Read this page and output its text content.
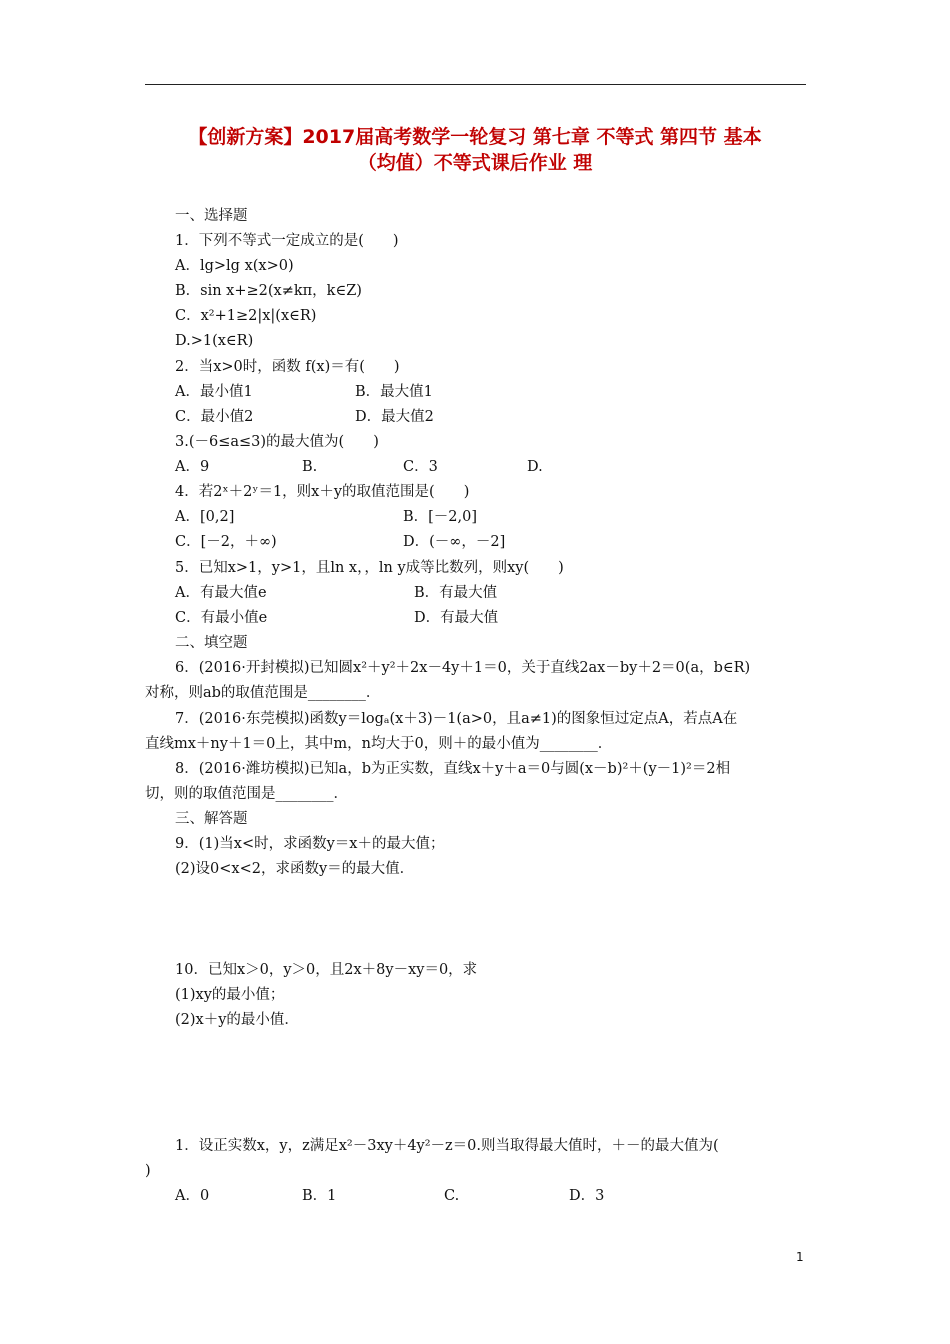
【创新方案】2017届高考数学一轮复习 第七章 不等式 第四节 基本
（均值）不等式课后作业 理
一、选择题
1．下列不等式一定成立的是(　　)
A．lg>lg x(x>0)
B．sin x+≥2(x≠kπ，k∈Z)
C．x²+1≥2|x|(x∈R)
D.>1(x∈R)
2．当x>0时，函数 f(x)＝有(　　)
A．最小值1	B．最大值1
C．最小值2	D．最大值2
3.(－6≤a≤3)的最大值为(　　)
A．9	B.	C．3	D.
4．若2ˣ＋2ʸ＝1，则x＋y的取值范围是(　　)
A．[0,2]	B．[－2,0]
C．[－2，＋∞)	D．(－∞，－2]
5．已知x>1，y>1，且ln x，，ln y成等比数列，则xy(　　)
A．有最大值e	B．有最大值
C．有最小值e	D．有最大值
二、填空题
6．(2016·开封模拟)已知圆x²＋y²＋2x－4y＋1＝0，关于直线2ax－by＋2＝0(a，b∈R)
对称，则ab的取值范围是________．
7．(2016·东莞模拟)函数y＝logₐ(x＋3)－1(a>0，且a≠1)的图象恒过定点A，若点A在
直线mx＋ny＋1＝0上，其中m，n均大于0，则＋的最小值为________．
8．(2016·潍坊模拟)已知a，b为正实数，直线x＋y＋a＝0与圆(x－b)²＋(y－1)²＝2相
切，则的取值范围是________．
三、解答题
9．(1)当x<时，求函数y＝x＋的最大值；
(2)设0<x<2，求函数y＝的最大值．
10．已知x＞0，y＞0，且2x＋8y－xy＝0，求
(1)xy的最小值；
(2)x＋y的最小值．
1．设正实数x，y，z满足x²－3xy＋4y²－z＝0.则当取得最大值时，＋－的最大值为(
)
A．0	B．1	C.	D．3
1
